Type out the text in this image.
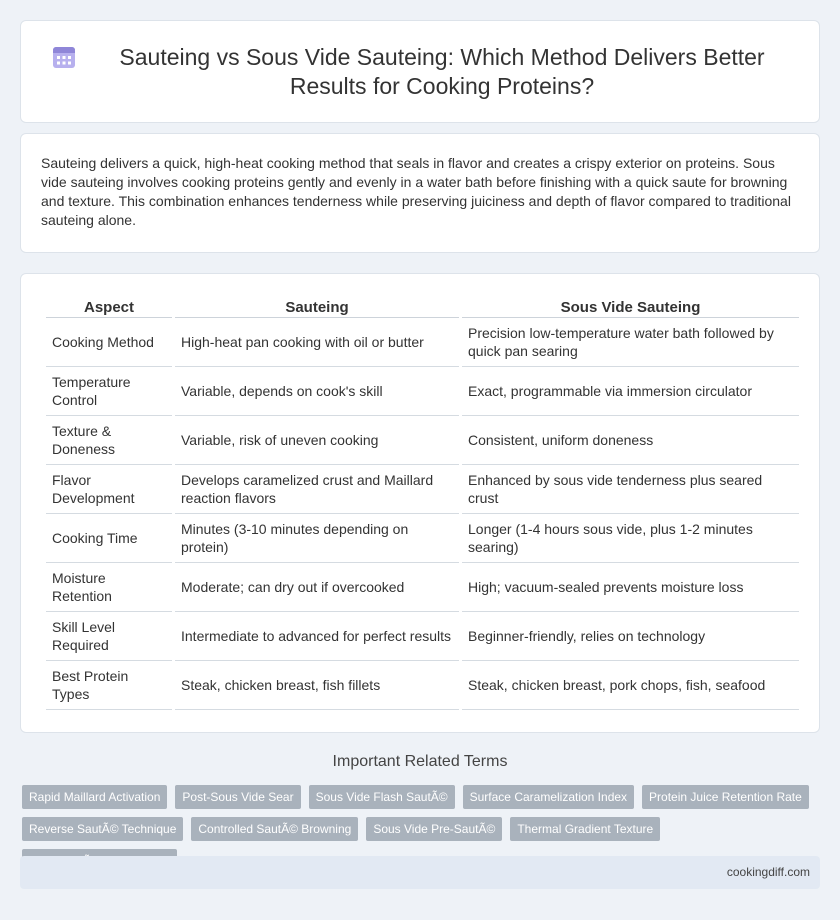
Sauteing vs Sous Vide Sauteing: Which Method Delivers Better Results for Cooking Proteins?

Sauteing delivers a quick, high-heat cooking method that seals in flavor and creates a crispy exterior on proteins. Sous vide sauteing involves cooking proteins gently and evenly in a water bath before finishing with a quick saute for browning and texture. This combination enhances tenderness while preserving juiciness and depth of flavor compared to traditional sauteing alone.

Aspect	Sauteing	Sous Vide Sauteing
Cooking Method	High-heat pan cooking with oil or butter	Precision low-temperature water bath followed by quick pan searing
Temperature Control	Variable, depends on cook's skill	Exact, programmable via immersion circulator
Texture & Doneness	Variable, risk of uneven cooking	Consistent, uniform doneness
Flavor Development	Develops caramelized crust and Maillard reaction flavors	Enhanced by sous vide tenderness plus seared crust
Cooking Time	Minutes (3-10 minutes depending on protein)	Longer (1-4 hours sous vide, plus 1-2 minutes searing)
Moisture Retention	Moderate; can dry out if overcooked	High; vacuum-sealed prevents moisture loss
Skill Level Required	Intermediate to advanced for perfect results	Beginner-friendly, relies on technology
Best Protein Types	Steak, chicken breast, fish fillets	Steak, chicken breast, pork chops, fish, seafood
Important Related Terms
Rapid Maillard Activation	Post-Sous Vide Sear	Sous Vide Flash SautÃ©	Surface Caramelization Index	Protein Juice Retention Rate
Reverse SautÃ© Technique	Controlled SautÃ© Browning	Sous Vide Pre-SautÃ©	Thermal Gradient Texture
cookingdiff.com
